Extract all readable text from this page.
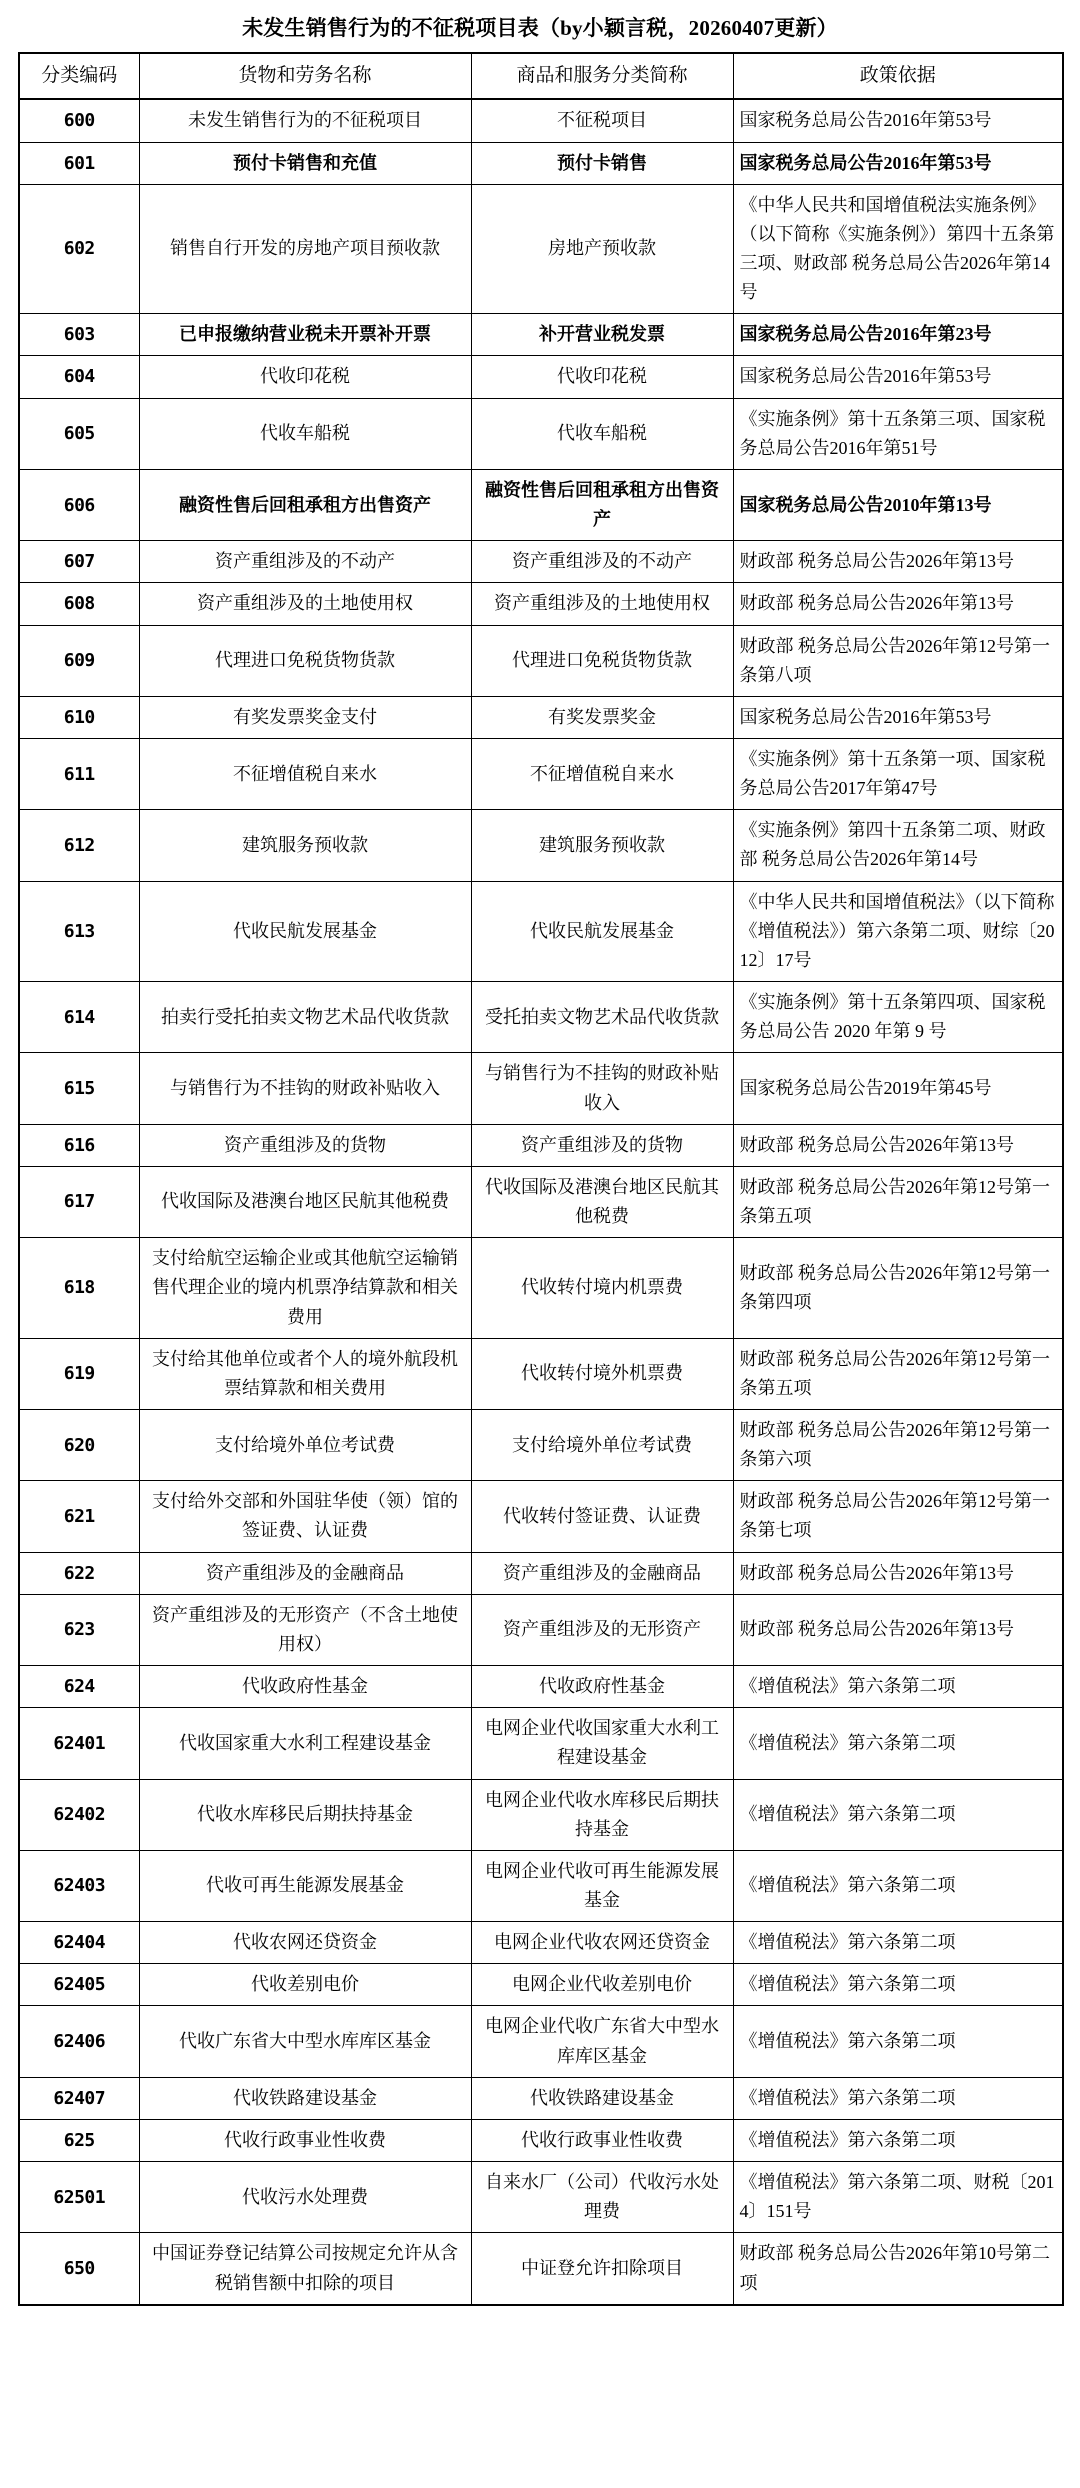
未发生销售行为的不征税项目表（by小颖言税，20260407更新）
分类编码	货物和劳务名称	商品和服务分类简称	政策依据
600	未发生销售行为的不征税项目	不征税项目	国家税务总局公告2016年第53号
601	预付卡销售和充值	预付卡销售	国家税务总局公告2016年第53号
602	销售自行开发的房地产项目预收款	房地产预收款	《中华人民共和国增值税法实施条例》（以下简称《实施条例》）第四十五条第三项、财政部 税务总局公告2026年第14号
603	已申报缴纳营业税未开票补开票	补开营业税发票	国家税务总局公告2016年第23号
604	代收印花税	代收印花税	国家税务总局公告2016年第53号
605	代收车船税	代收车船税	《实施条例》第十五条第三项、国家税务总局公告2016年第51号
606	融资性售后回租承租方出售资产	融资性售后回租承租方出售资产	国家税务总局公告2010年第13号
607	资产重组涉及的不动产	资产重组涉及的不动产	财政部 税务总局公告2026年第13号
608	资产重组涉及的土地使用权	资产重组涉及的土地使用权	财政部 税务总局公告2026年第13号
609	代理进口免税货物货款	代理进口免税货物货款	财政部 税务总局公告2026年第12号第一条第八项
610	有奖发票奖金支付	有奖发票奖金	国家税务总局公告2016年第53号
611	不征增值税自来水	不征增值税自来水	《实施条例》第十五条第一项、国家税务总局公告2017年第47号
612	建筑服务预收款	建筑服务预收款	《实施条例》第四十五条第二项、财政部 税务总局公告2026年第14号
613	代收民航发展基金	代收民航发展基金	《中华人民共和国增值税法》（以下简称《增值税法》）第六条第二项、财综〔2012〕17号
614	拍卖行受托拍卖文物艺术品代收货款	受托拍卖文物艺术品代收货款	《实施条例》第十五条第四项、国家税务总局公告 2020 年第 9 号
615	与销售行为不挂钩的财政补贴收入	与销售行为不挂钩的财政补贴收入	国家税务总局公告2019年第45号
616	资产重组涉及的货物	资产重组涉及的货物	财政部 税务总局公告2026年第13号
617	代收国际及港澳台地区民航其他税费	代收国际及港澳台地区民航其他税费	财政部 税务总局公告2026年第12号第一条第五项
618	支付给航空运输企业或其他航空运输销售代理企业的境内机票净结算款和相关费用	代收转付境内机票费	财政部 税务总局公告2026年第12号第一条第四项
619	支付给其他单位或者个人的境外航段机票结算款和相关费用	代收转付境外机票费	财政部 税务总局公告2026年第12号第一条第五项
620	支付给境外单位考试费	支付给境外单位考试费	财政部 税务总局公告2026年第12号第一条第六项
621	支付给外交部和外国驻华使（领）馆的签证费、认证费	代收转付签证费、认证费	财政部 税务总局公告2026年第12号第一条第七项
622	资产重组涉及的金融商品	资产重组涉及的金融商品	财政部 税务总局公告2026年第13号
623	资产重组涉及的无形资产（不含土地使用权）	资产重组涉及的无形资产	财政部 税务总局公告2026年第13号
624	代收政府性基金	代收政府性基金	《增值税法》第六条第二项
62401	代收国家重大水利工程建设基金	电网企业代收国家重大水利工程建设基金	《增值税法》第六条第二项
62402	代收水库移民后期扶持基金	电网企业代收水库移民后期扶持基金	《增值税法》第六条第二项
62403	代收可再生能源发展基金	电网企业代收可再生能源发展基金	《增值税法》第六条第二项
62404	代收农网还贷资金	电网企业代收农网还贷资金	《增值税法》第六条第二项
62405	代收差别电价	电网企业代收差别电价	《增值税法》第六条第二项
62406	代收广东省大中型水库库区基金	电网企业代收广东省大中型水库库区基金	《增值税法》第六条第二项
62407	代收铁路建设基金	代收铁路建设基金	《增值税法》第六条第二项
625	代收行政事业性收费	代收行政事业性收费	《增值税法》第六条第二项
62501	代收污水处理费	自来水厂（公司）代收污水处理费	《增值税法》第六条第二项、财税〔2014〕151号
650	中国证券登记结算公司按规定允许从含税销售额中扣除的项目	中证登允许扣除项目	财政部 税务总局公告2026年第10号第二项
